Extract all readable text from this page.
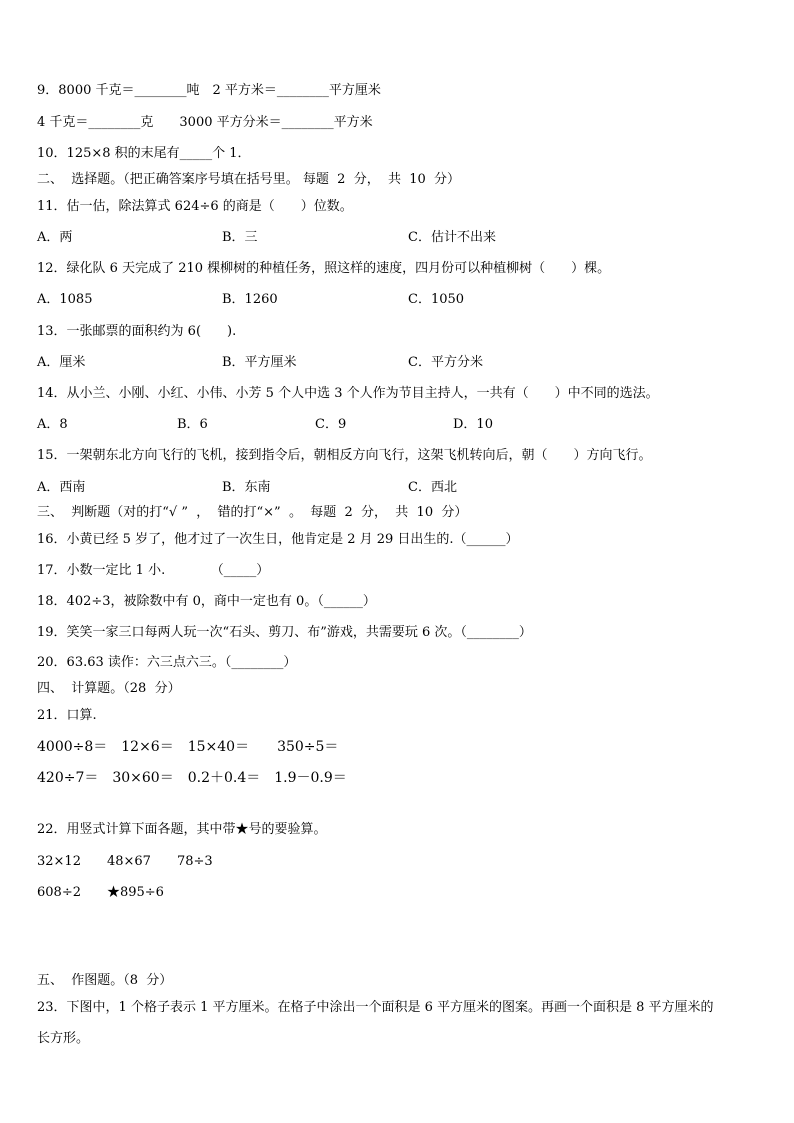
9．8000 千克＝________吨　2 平方米＝________平方厘米
4 千克＝________克　　3000 平方分米＝________平方米
10．125×8 积的末尾有_____个 1．
二、  选择题。（把正确答案序号填在括号里。 每题  2  分，  共  10  分）
11．估一估，除法算式 624÷6 的商是（　　）位数。
A．两	B．三	C．估计不出来
12．绿化队 6 天完成了 210 棵柳树的种植任务，照这样的速度，四月份可以种植柳树（　　）棵。
A．1085	B．1260	C．1050
13．一张邮票的面积约为 6(　　).
A．厘米	B．平方厘米	C．平方分米
14．从小兰、小刚、小红、小伟、小芳 5 个人中选 3 个人作为节目主持人，一共有（　　）中不同的选法。
A．8	B．6	C．9	D．10
15．一架朝东北方向飞行的飞机，接到指令后，朝相反方向飞行，这架飞机转向后，朝（　　）方向飞行。
A．西南	B．东南	C．西北
三、  判断题（对的打“√ ”  ，  错的打“×”  。  每题  2  分，  共  10  分）
16．小黄已经 5 岁了，他才过了一次生日，他肯定是 2 月 29 日出生的.（______）
17．小数一定比 1 小.　　　　（_____）
18．402÷3，被除数中有 0，商中一定也有 0。（______）
19．笑笑一家三口每两人玩一次“石头、剪刀、布”游戏，共需要玩 6 次。（________）
20．63.63 读作：六三点六三。（________）
四、  计算题。（28  分）
21．口算.
4000÷8＝　12×6＝　15×40＝　　350÷5＝
420÷7＝　30×60＝　0.2＋0.4＝　1.9－0.9＝
22．用竖式计算下面各题，其中带★号的要验算。
32×12　　48×67　　78÷3
608÷2　　★895÷6
五、  作图题。（8  分）
23．下图中，1 个格子表示 1 平方厘米。在格子中涂出一个面积是 6 平方厘米的图案。再画一个面积是 8 平方厘米的
长方形。
